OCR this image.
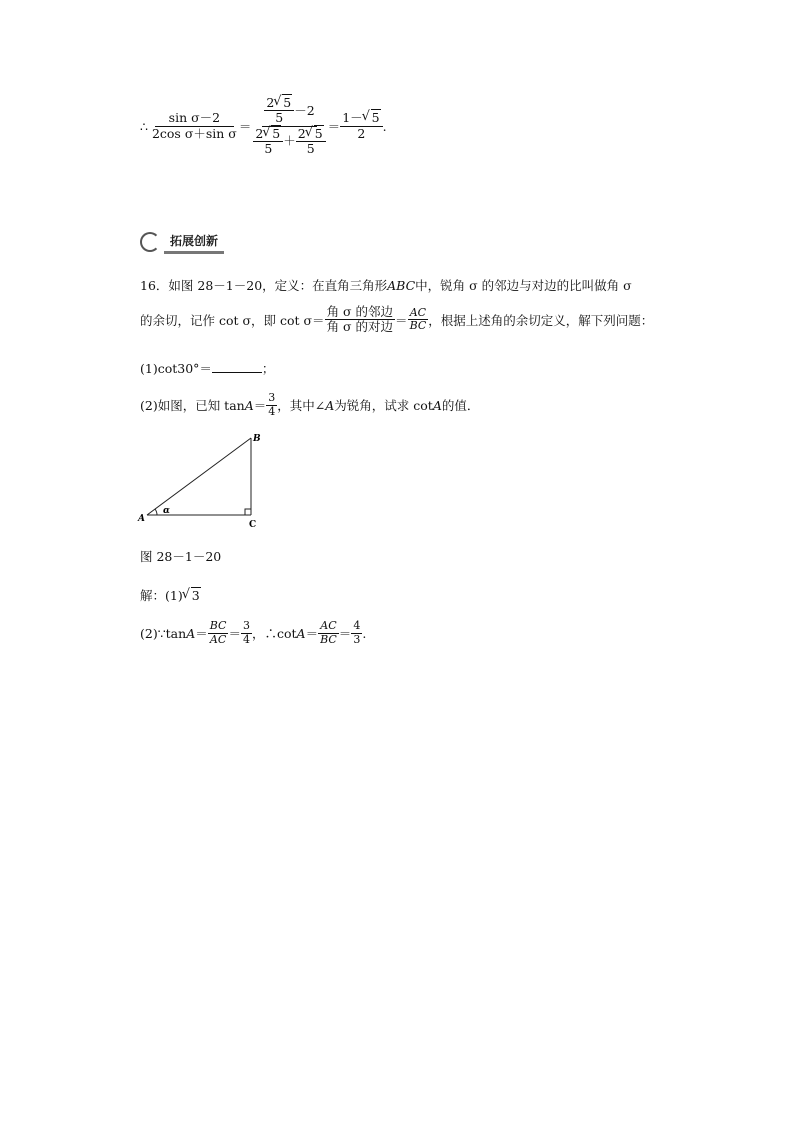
∴ $\frac{\text{sin σ－2}}{\text{2cos σ＋sin σ}} = \frac{\frac{2 √ 5}{5} -2}{\frac{2 √ 5}{5} + \frac{2 √ 5}{5}} = \frac{1- √ 5}{2}$ .
拓展创新
16．如图 28－1－20，定义：在直角三角形ABC中，锐角 σ 的邻边与对边的比叫做角 σ
的余切，记作 cot σ，即 $\cot \sigma= \frac{\text{角 σ 的邻边}}{\text{角 σ 的对边}} = \frac{AC}{BC}$ ，根据上述角的余切定义，解下列问题：
(1)cot30°＝	；
(2)如图，已知 $\tan A = \frac{3}{4}$ ，其中∠ A 为锐角，试求 cot A 的值．
A
B
C
α
图 28－1－20
解：(1) √ 3
(2)∵tan $A = \frac{BC}{AC} = \frac{3}{4}$ ，∴cot $A = \frac{AC}{BC} = \frac{4}{3}$ .
